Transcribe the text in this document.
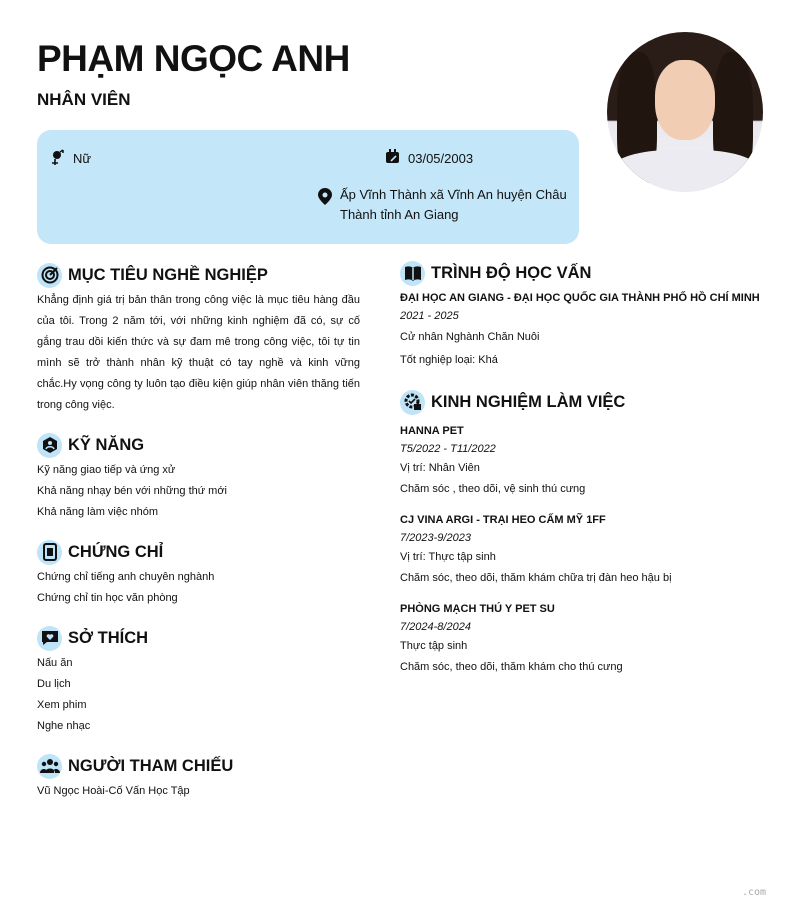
PHẠM NGỌC ANH
NHÂN VIÊN
Nữ	03/05/2003
Ấp Vĩnh Thành xã Vĩnh An huyện Châu Thành tỉnh An Giang
MỤC TIÊU NGHỀ NGHIỆP
Khẳng định giá trị bản thân trong công việc là mục tiêu hàng đầu của tôi. Trong 2 năm tới, với những kinh nghiệm đã có, sự cố gắng trau dồi kiến thức và sự đam mê trong công việc, tôi tự tin mình sẽ trở thành nhân kỹ thuật có tay nghề và kinh vững chắc.Hy vọng công ty luôn tạo điều kiện giúp nhân viên thăng tiến trong công việc.
KỸ NĂNG
Kỹ năng giao tiếp và ứng xử
Khả năng nhạy bén với những thứ mới
Khả năng làm việc nhóm
CHỨNG CHỈ
Chứng chỉ tiếng anh chuyên nghành
Chứng chỉ tin học văn phòng
SỞ THÍCH
Nấu ăn
Du lịch
Xem phim
Nghe nhạc
NGƯỜI THAM CHIẾU
Vũ Ngọc Hoài-Cố Vấn Học Tập
TRÌNH ĐỘ HỌC VẤN
ĐẠI HỌC AN GIANG - ĐẠI HỌC QUỐC GIA THÀNH PHỐ HỒ CHÍ MINH
2021 - 2025
Cử nhân Nghành Chăn Nuôi
Tốt nghiệp loại: Khá
KINH NGHIỆM LÀM VIỆC
HANNA PET
T5/2022 - T11/2022
Vị trí: Nhân Viên
Chăm sóc , theo dõi, vệ sinh thú cưng
CJ VINA ARGI - TRẠI HEO CẤM MỸ 1FF
7/2023-9/2023
Vị trí: Thực tập sinh
Chăm sóc, theo dõi, thăm khám chữa trị đàn heo hậu bị
PHÒNG MẠCH THÚ Y PET SU
7/2024-8/2024
Thực tập sinh
Chăm sóc, theo dõi, thăm khám cho thú cưng
.com
